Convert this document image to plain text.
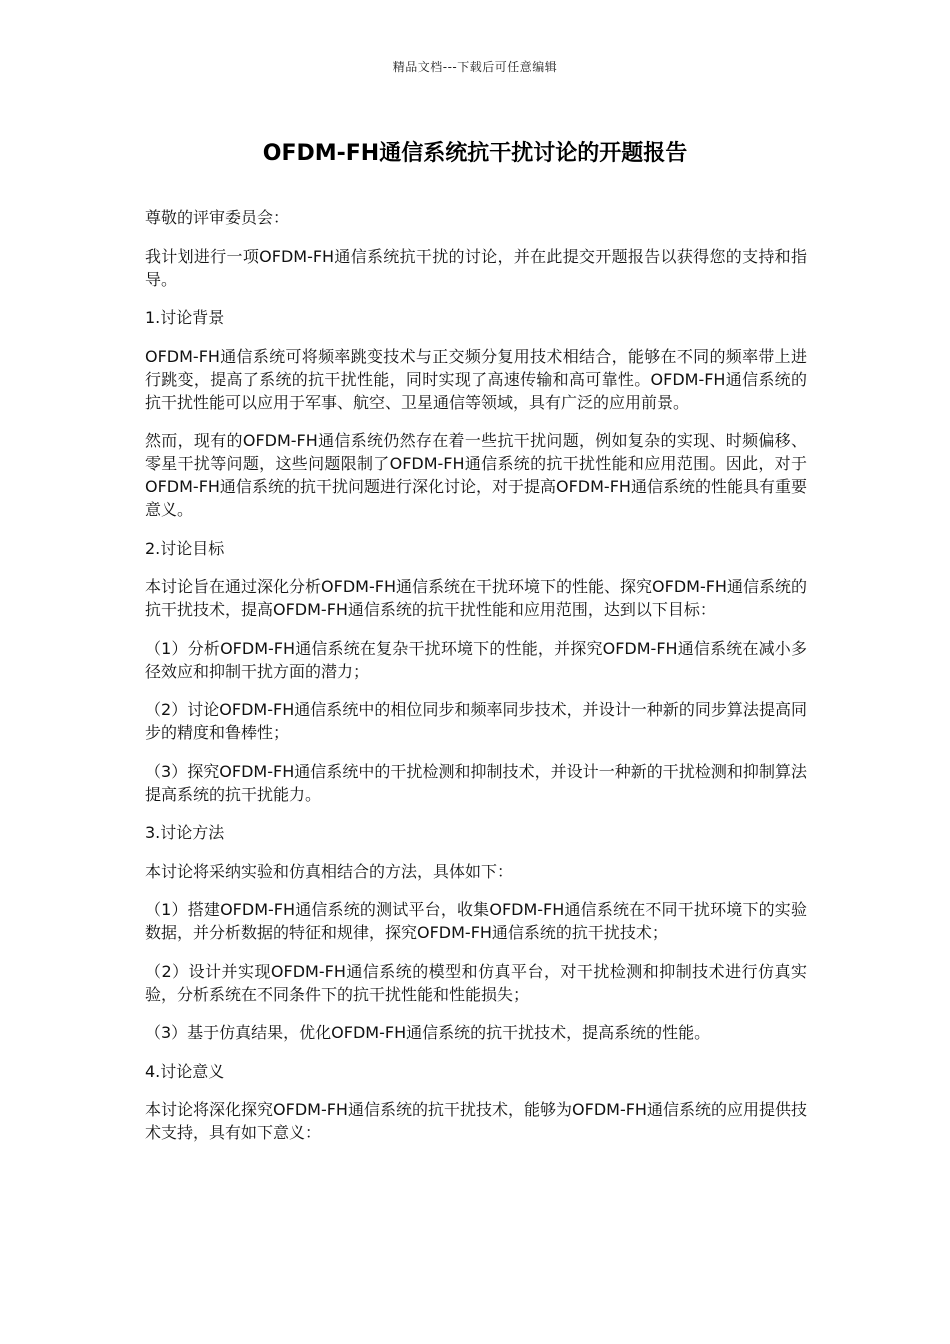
精品文档---下载后可任意编辑
OFDM-FH通信系统抗干扰讨论的开题报告

尊敬的评审委员会：

我计划进行一项OFDM-FH通信系统抗干扰的讨论，并在此提交开题报告以获得您的支持和指导。

1.讨论背景

OFDM-FH通信系统可将频率跳变技术与正交频分复用技术相结合，能够在不同的频率带上进行跳变，提高了系统的抗干扰性能，同时实现了高速传输和高可靠性。OFDM-FH通信系统的抗干扰性能可以应用于军事、航空、卫星通信等领域，具有广泛的应用前景。

然而，现有的OFDM-FH通信系统仍然存在着一些抗干扰问题，例如复杂的实现、时频偏移、零星干扰等问题，这些问题限制了OFDM-FH通信系统的抗干扰性能和应用范围。因此，对于OFDM-FH通信系统的抗干扰问题进行深化讨论，对于提高OFDM-FH通信系统的性能具有重要意义。

2.讨论目标

本讨论旨在通过深化分析OFDM-FH通信系统在干扰环境下的性能、探究OFDM-FH通信系统的抗干扰技术，提高OFDM-FH通信系统的抗干扰性能和应用范围，达到以下目标：

（1）分析OFDM-FH通信系统在复杂干扰环境下的性能，并探究OFDM-FH通信系统在减小多径效应和抑制干扰方面的潜力；

（2）讨论OFDM-FH通信系统中的相位同步和频率同步技术，并设计一种新的同步算法提高同步的精度和鲁棒性；

（3）探究OFDM-FH通信系统中的干扰检测和抑制技术，并设计一种新的干扰检测和抑制算法提高系统的抗干扰能力。

3.讨论方法

本讨论将采纳实验和仿真相结合的方法，具体如下：

（1）搭建OFDM-FH通信系统的测试平台，收集OFDM-FH通信系统在不同干扰环境下的实验数据，并分析数据的特征和规律，探究OFDM-FH通信系统的抗干扰技术；

（2）设计并实现OFDM-FH通信系统的模型和仿真平台，对干扰检测和抑制技术进行仿真实验，分析系统在不同条件下的抗干扰性能和性能损失；

（3）基于仿真结果，优化OFDM-FH通信系统的抗干扰技术，提高系统的性能。

4.讨论意义

本讨论将深化探究OFDM-FH通信系统的抗干扰技术，能够为OFDM-FH通信系统的应用提供技术支持，具有如下意义：
